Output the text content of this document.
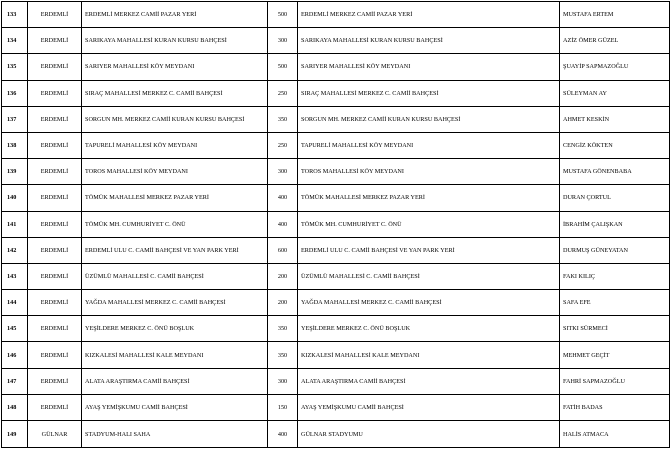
133	ERDEMLİ	ERDEMLİ MERKEZ CAMİİ PAZAR YERİ	500	ERDEMLİ MERKEZ CAMİİ PAZAR YERİ	MUSTAFA ERTEM
134	ERDEMLİ	SARIKAYA MAHALLESİ KURAN KURSU BAHÇESİ	300	SARIKAYA MAHALLESİ KURAN KURSU BAHÇESİ	AZİZ ÖMER GÜZEL
135	ERDEMLİ	SARIYER MAHALLESİ KÖY MEYDANI	500	SARIYER MAHALLESİ KÖY MEYDANI	ŞUAYİP SAPMAZOĞLU
136	ERDEMLİ	SIRAÇ MAHALLESİ MERKEZ C. CAMİİ BAHÇESİ	250	SIRAÇ MAHALLESİ MERKEZ C. CAMİİ BAHÇESİ	SÜLEYMAN AY
137	ERDEMLİ	SORGUN MH. MERKEZ CAMİİ KURAN KURSU BAHÇESİ	350	SORGUN MH. MERKEZ CAMİİ KURAN KURSU BAHÇESİ	AHMET KESKİN
138	ERDEMLİ	TAPURELİ MAHALLESİ KÖY MEYDANI	250	TAPURELİ MAHALLESİ KÖY MEYDANI	CENGİZ KÖKTEN
139	ERDEMLİ	TOROS MAHALLESİ KÖY MEYDANI	300	TOROS MAHALLESİ KÖY MEYDANI	MUSTAFA GÖNENBABA
140	ERDEMLİ	TÖMÜK MAHALLESİ MERKEZ PAZAR YERİ	400	TÖMÜK MAHALLESİ MERKEZ PAZAR YERİ	DURAN ÇORTUL
141	ERDEMLİ	TÖMÜK MH. CUMHURİYET C. ÖNÜ	400	TÖMÜK MH. CUMHURİYET C. ÖNÜ	İBRAHİM ÇALIŞKAN
142	ERDEMLİ	ERDEMLİ ULU C. CAMİİ BAHÇESİ VE YAN PARK YERİ	600	ERDEMLİ ULU C. CAMİİ BAHÇESİ VE YAN PARK YERİ	DURMUŞ GÜNEYATAN
143	ERDEMLİ	ÜZÜMLÜ MAHALLESİ C. CAMİİ BAHÇESİ	200	ÜZÜMLÜ MAHALLESİ C. CAMİİ BAHÇESİ	FAKI KILIÇ
144	ERDEMLİ	YAĞDA MAHALLESİ MERKEZ C. CAMİİ BAHÇESİ	200	YAĞDA MAHALLESİ MERKEZ C. CAMİİ BAHÇESİ	SAFA EFE
145	ERDEMLİ	YEŞİLDERE MERKEZ C. ÖNÜ BOŞLUK	350	YEŞİLDERE MERKEZ C. ÖNÜ BOŞLUK	SITKI SÜRMECİ
146	ERDEMLİ	KIZKALESİ MAHALLESİ KALE MEYDANI	350	KIZKALESİ MAHALLESİ KALE MEYDANI	MEHMET GEÇİT
147	ERDEMLİ	ALATA ARAŞTIRMA CAMİİ BAHÇESİ	300	ALATA ARAŞTIRMA CAMİİ BAHÇESİ	FAHRİ SAPMAZOĞLU
148	ERDEMLİ	AYAŞ YEMİŞKUMU CAMİİ BAHÇESİ	150	AYAŞ YEMİŞKUMU CAMİİ BAHÇESİ	FATİH BADAS
149	GÜLNAR	STADYUM-HALI SAHA	400	GÜLNAR STADYUMU	HALİS ATMACA
